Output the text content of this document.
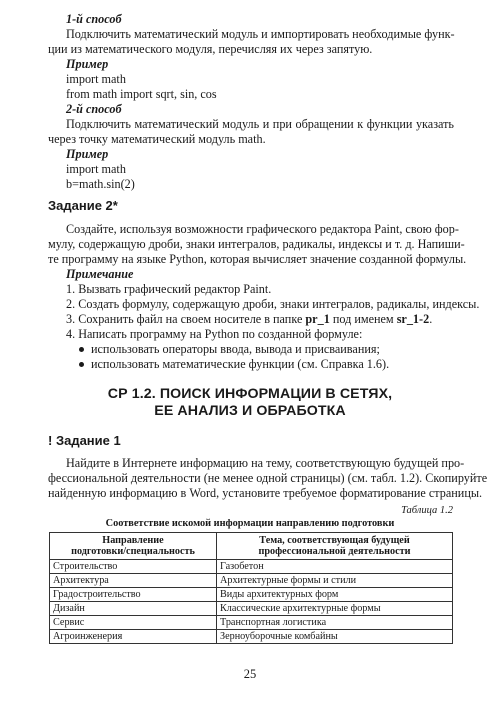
1-й способ
Подключить математический модуль и импортировать необходимые функ-
ции из математического модуля, перечисляя их через запятую.
Пример
import math
from math import sqrt, sin, cos
2-й способ
Подключить математический модуль и при обращении к функции указать
через точку математический модуль math.
Пример
import math
b=math.sin(2)
Задание 2*
Создайте, используя возможности графического редактора Paint, свою фор-
мулу, содержащую дроби, знаки интегралов, радикалы, индексы и т. д. Напиши-
те программу на языке Python, которая вычисляет значение созданной формулы.
Примечание
1. Вызвать графический редактор Paint.
2. Создать формулу, содержащую дроби, знаки интегралов, радикалы, индексы.
3. Сохранить файл на своем носителе в папке pr_1 под именем sr_1-2.
4. Написать программу на Python по созданной формуле:
использовать операторы ввода, вывода и присваивания;
использовать математические функции (см. Справка 1.6).
СР 1.2. ПОИСК ИНФОРМАЦИИ В СЕТЯХ,
ЕЕ АНАЛИЗ И ОБРАБОТКА
! Задание 1
Найдите в Интернете информацию на тему, соответствующую будущей про-
фессиональной деятельности (не менее одной страницы) (см. табл. 1.2). Скопируйте
найденную информацию в Word, установите требуемое форматирование страницы.
Таблица 1.2
Соответствие искомой информации направлению подготовки
Направление
подготовки/специальность	Тема, соответствующая будущей
профессиональной деятельности
Строительство	Газобетон
Архитектура	Архитектурные формы и стили
Градостроительство	Виды архитектурных форм
Дизайн	Классические архитектурные формы
Сервис	Транспортная логистика
Агроинженерия	Зерноуборочные комбайны
25
